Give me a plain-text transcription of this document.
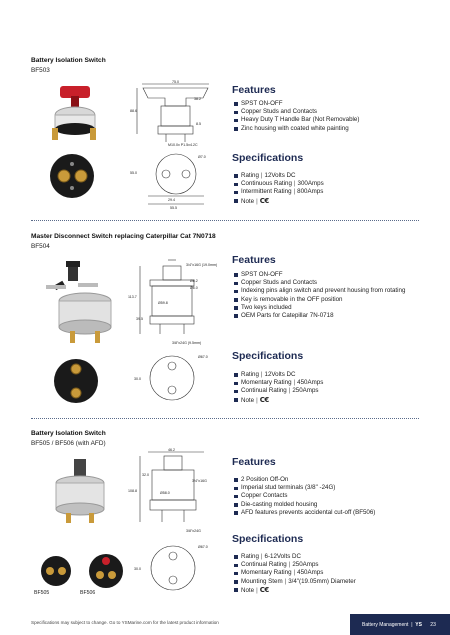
Battery Isolation Switch
BF503
75.0
88.6
38.2
8.5
M10.0x P1.5x4.2C
Ø7.0
55.0
29.4
55.5
Features
SPST ON-OFF
Copper Studs and Contacts
Heavy Duty T Handle Bar (Not Removable)
Zinc housing with coated white painting
Specifications
Rating | 12Volts DC
Continuous Rating | 300Amps
Intermittent Rating | 800Amps
Note | C€
Master Disconnect Switch replacing Caterpillar Cat 7N0718
BF504
3/4"x16G (19.0mm)
Ø8.2
Ø6.0
Ø59.8
113.7
39.5
3/8"x24G (9.5mm)
Ø67.0
30.0
Features
SPST ON-OFF
Copper Studs and Contacts
Indexing pins align switch and prevent housing from rotating
Key is removable in the OFF position
Two keys included
OEM Parts for Catepillar 7N-0718
Specifications
Rating | 12Volts DC
Momentary Rating | 450Amps
Continual Rating | 250Amps
Note | C€
Battery Isolation Switch
BF505 / BF506 (with AFD)
BF505	BF506
46.2
3/4"x16G
Ø58.0
108.8
32.0
3/8"x24G
Ø67.0
30.0
Features
2 Position Off-On
Imperial stud terminals (3/8" -24G)
Copper Contacts
Die-casting molded housing
AFD features prevents accidental cut-off (BF506)
Specifications
Rating | 6-12Volts DC
Continual Rating | 250Amps
Momentary Rating | 450Amps
Mounting Stem | 3/4"(19.05mm) Diameter
Note | C€
Specifications may subject to change. Go to YSMarine.com for the latest product information	Battery Management | YS
23
